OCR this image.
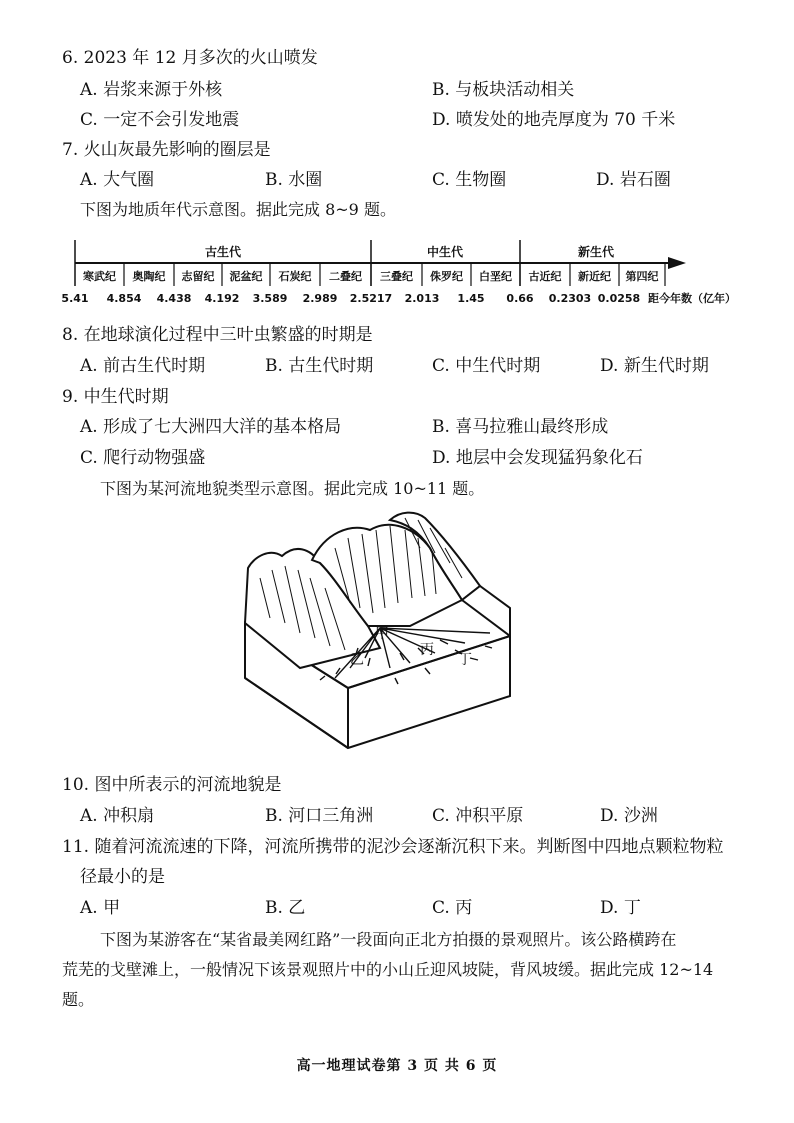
6. 2023 年 12 月多次的火山喷发
A. 岩浆来源于外核	B. 与板块活动相关
C. 一定不会引发地震	D. 喷发处的地壳厚度为 70 千米
7. 火山灰最先影响的圈层是
A. 大气圈	B. 水圈	C. 生物圈	D. 岩石圈
下图为地质年代示意图。据此完成 8~9 题。
古生代	中生代	新生代
寒武纪 奥陶纪 志留纪 泥盆纪 石炭纪 二叠纪 三叠纪 侏罗纪 白垩纪 古近纪 新近纪 第四纪
5.41 4.854 4.438 4.192 3.589 2.989 2.5217 2.013 1.45 0.66 0.2303 0.0258 距今年数（亿年）
8. 在地球演化过程中三叶虫繁盛的时期是
A. 前古生代时期	B. 古生代时期	C. 中生代时期	D. 新生代时期
9. 中生代时期
A. 形成了七大洲四大洋的基本格局	B. 喜马拉雅山最终形成
C. 爬行动物强盛	D. 地层中会发现猛犸象化石
下图为某河流地貌类型示意图。据此完成 10~11 题。
甲
乙
丙
丁
10. 图中所表示的河流地貌是
A. 冲积扇	B. 河口三角洲	C. 冲积平原	D. 沙洲
11. 随着河流流速的下降，河流所携带的泥沙会逐渐沉积下来。判断图中四地点颗粒物粒
径最小的是
A. 甲	B. 乙	C. 丙	D. 丁
下图为某游客在“某省最美网红路”一段面向正北方拍摄的景观照片。该公路横跨在
荒芜的戈壁滩上，一般情况下该景观照片中的小山丘迎风坡陡，背风坡缓。据此完成 12~14
题。
高一地理试卷第 3 页 共 6 页
